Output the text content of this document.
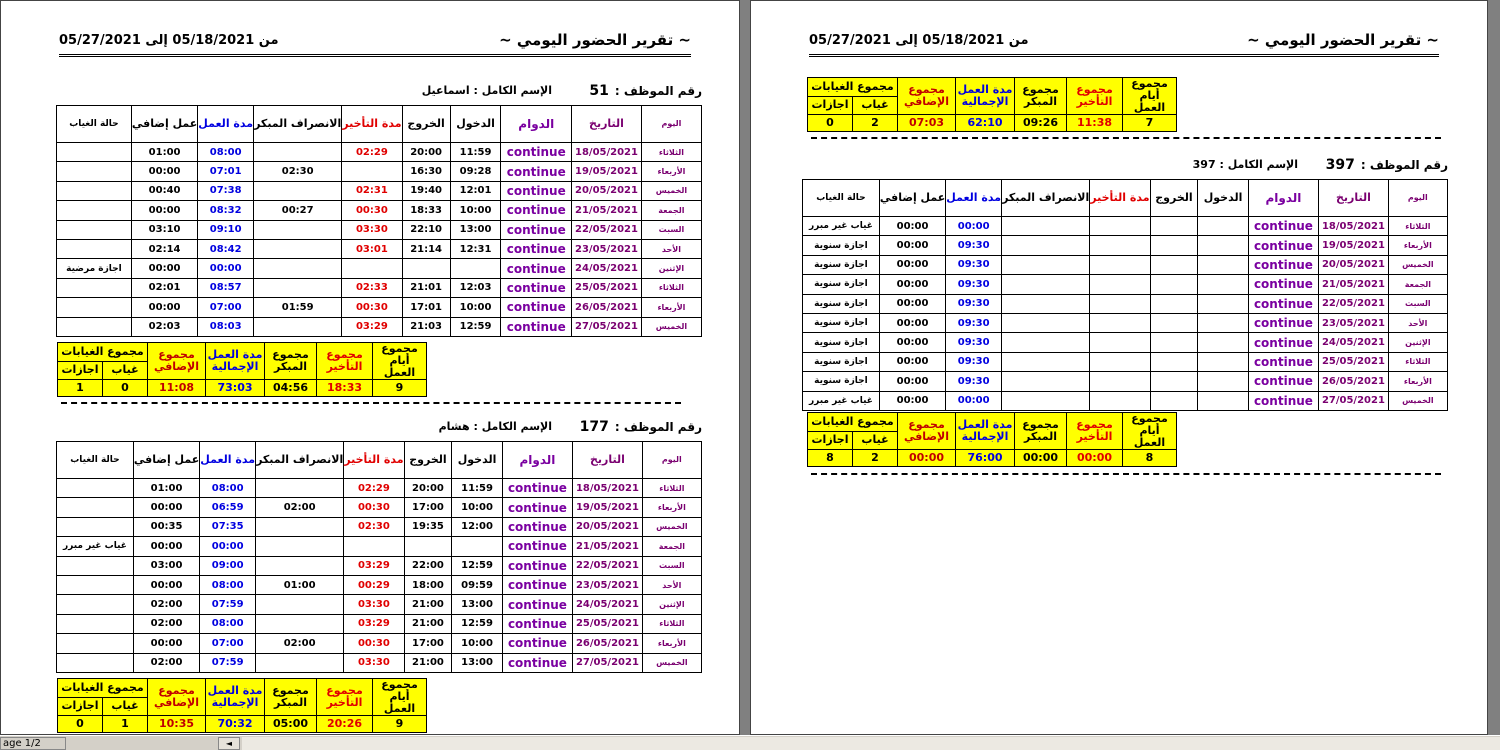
~ تقرير الحضور اليومي ~
من 05/18/2021 إلى 05/27/2021
رقم الموظف :51
الإسم الكامل : اسماعيل
اليوم	التاريخ	الدوام	الدخول	الخروج	مدة التأخير	الانصراف المبكر	مدة العمل	عمل إضافي	حالة الغياب
الثلاثاء	18/05/2021	continue	11:59	20:00	02:29		08:00	01:00	
الأربعاء	19/05/2021	continue	09:28	16:30		02:30	07:01	00:00	
الخميس	20/05/2021	continue	12:01	19:40	02:31		07:38	00:40	
الجمعة	21/05/2021	continue	10:00	18:33	00:30	00:27	08:32	00:00	
السبت	22/05/2021	continue	13:00	22:10	03:30		09:10	03:10	
الأحد	23/05/2021	continue	12:31	21:14	03:01		08:42	02:14	
الإثنين	24/05/2021	continue					00:00	00:00	اجازة مرضية
الثلاثاء	25/05/2021	continue	12:03	21:01	02:33		08:57	02:01	
الأربعاء	26/05/2021	continue	10:00	17:01	00:30	01:59	07:00	00:00	
الخميس	27/05/2021	continue	12:59	21:03	03:29		08:03	02:03	
مجموع أيام العمل	مجموع التأخير	مجموع المبكر	مدة العمل الإجمالية	مجموع الإضافي	مجموع الغيابات	
					غياب	اجازات
9	18:33	04:56	73:03	11:08	0	1
رقم الموظف :177
الإسم الكامل : هشام
اليوم	التاريخ	الدوام	الدخول	الخروج	مدة التأخير	الانصراف المبكر	مدة العمل	عمل إضافي	حالة الغياب
الثلاثاء	18/05/2021	continue	11:59	20:00	02:29		08:00	01:00	
الأربعاء	19/05/2021	continue	10:00	17:00	00:30	02:00	06:59	00:00	
الخميس	20/05/2021	continue	12:00	19:35	02:30		07:35	00:35	
الجمعة	21/05/2021	continue					00:00	00:00	غياب غير مبرر
السبت	22/05/2021	continue	12:59	22:00	03:29		09:00	03:00	
الأحد	23/05/2021	continue	09:59	18:00	00:29	01:00	08:00	00:00	
الإثنين	24/05/2021	continue	13:00	21:00	03:30		07:59	02:00	
الثلاثاء	25/05/2021	continue	12:59	21:00	03:29		08:00	02:00	
الأربعاء	26/05/2021	continue	10:00	17:00	00:30	02:00	07:00	00:00	
الخميس	27/05/2021	continue	13:00	21:00	03:30		07:59	02:00	
مجموع أيام العمل	مجموع التأخير	مجموع المبكر	مدة العمل الإجمالية	مجموع الإضافي	مجموع الغيابات	
					غياب	اجازات
9	20:26	05:00	70:32	10:35	1	0
~ تقرير الحضور اليومي ~
من 05/18/2021 إلى 05/27/2021
مجموع أيام العمل	مجموع التأخير	مجموع المبكر	مدة العمل الإجمالية	مجموع الإضافي	مجموع الغيابات	
					غياب	اجازات
7	11:38	09:26	62:10	07:03	2	0
رقم الموظف :397
الإسم الكامل : 397
اليوم	التاريخ	الدوام	الدخول	الخروج	مدة التأخير	الانصراف المبكر	مدة العمل	عمل إضافي	حالة الغياب
الثلاثاء	18/05/2021	continue					00:00	00:00	غياب غير مبرر
الأربعاء	19/05/2021	continue					09:30	00:00	اجازة سنوية
الخميس	20/05/2021	continue					09:30	00:00	اجازة سنوية
الجمعة	21/05/2021	continue					09:30	00:00	اجازة سنوية
السبت	22/05/2021	continue					09:30	00:00	اجازة سنوية
الأحد	23/05/2021	continue					09:30	00:00	اجازة سنوية
الإثنين	24/05/2021	continue					09:30	00:00	اجازة سنوية
الثلاثاء	25/05/2021	continue					09:30	00:00	اجازة سنوية
الأربعاء	26/05/2021	continue					09:30	00:00	اجازة سنوية
الخميس	27/05/2021	continue					00:00	00:00	غياب غير مبرر
مجموع أيام العمل	مجموع التأخير	مجموع المبكر	مدة العمل الإجمالية	مجموع الإضافي	مجموع الغيابات	
					غياب	اجازات
8	00:00	00:00	76:00	00:00	2	8
age 1/2	◄
